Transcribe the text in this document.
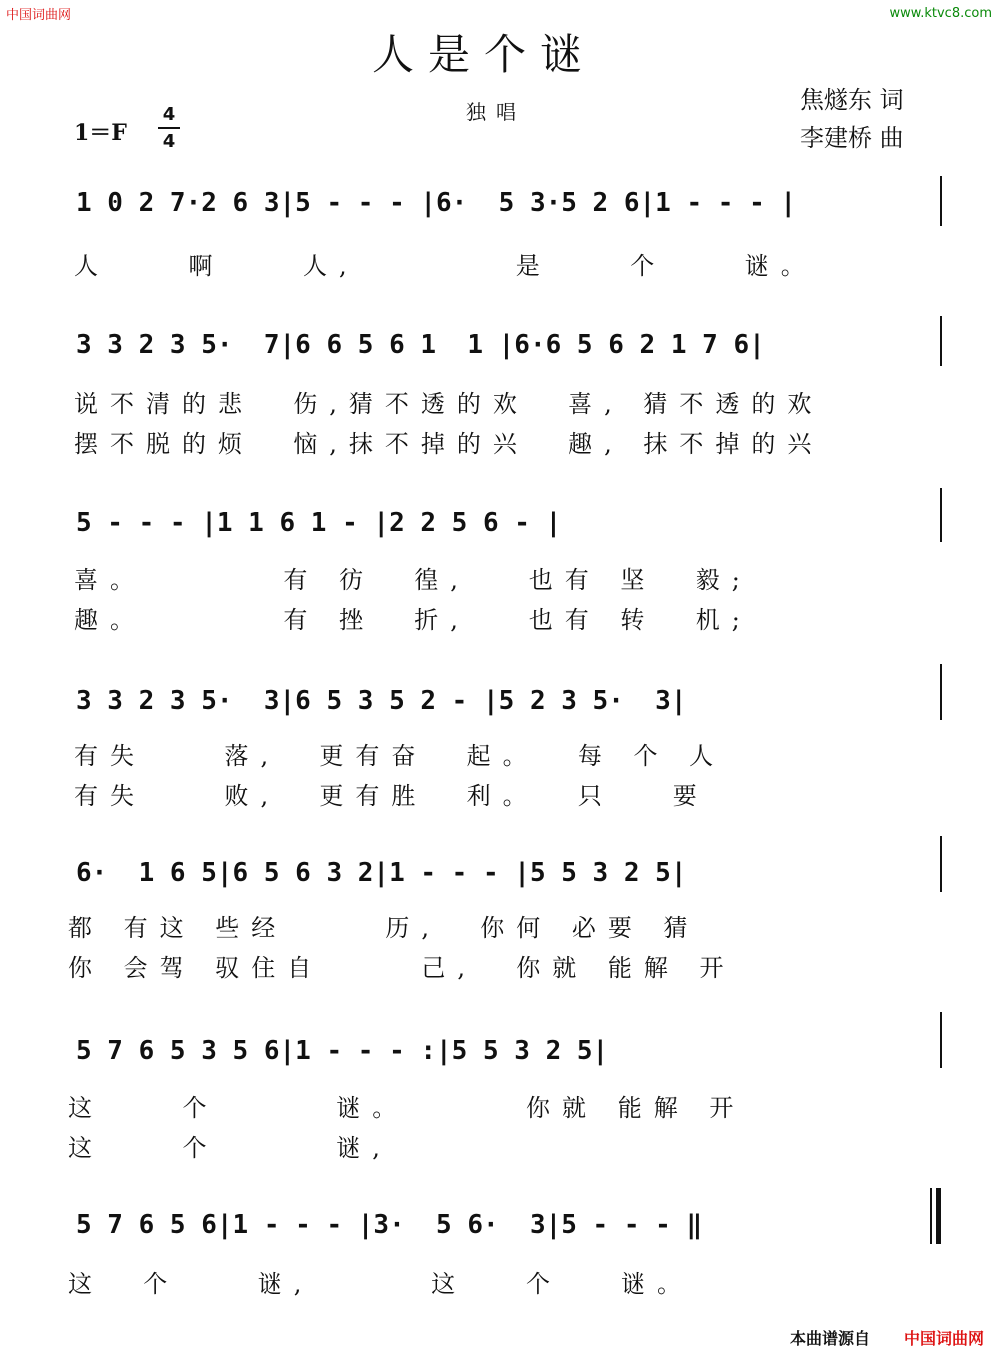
中国词曲网	www.ktvc8.com
人是个谜
独唱
1＝F
4
4
焦燧东 词
李建桥 曲
1 0 2 7·2 6 3|5 - - - |6·  5 3·5 2 6|1 - - - |
人    啊    人,        是    个    谜。
3 3 2 3 5·  7|6 6 5 6 1  1 |6·6 5 6 2 1 7 6|
说不清的悲  伤,猜不透的欢  喜, 猜不透的欢
摆不脱的烦  恼,抹不掉的兴  趣, 抹不掉的兴
5 - - - |1 1 6 1 - |2 2 5 6 - |
喜。       有 彷  徨,   也有 坚  毅;
趣。       有 挫  折,   也有 转  机;
3 3 2 3 5·  3|6 5 3 5 2 - |5 2 3 5·  3|
有失    落,  更有奋  起。  每 个 人
有失    败,  更有胜  利。  只   要
6·  1 6 5|6 5 6 3 2|1 - - - |5 5 3 2 5|
都 有这 些经     历,  你何 必要 猜
你 会驾 驭住自     己,  你就 能解 开
5 7 6 5 3 5 6|1 - - - :|5 5 3 2 5|
这    个      谜。      你就 能解 开
这    个      谜,
5 7 6 5 6|1 - - - |3·  5 6·  3|5 - - - ‖
这  个    谜,      这   个   谜。
本曲谱源自 中国词曲网
